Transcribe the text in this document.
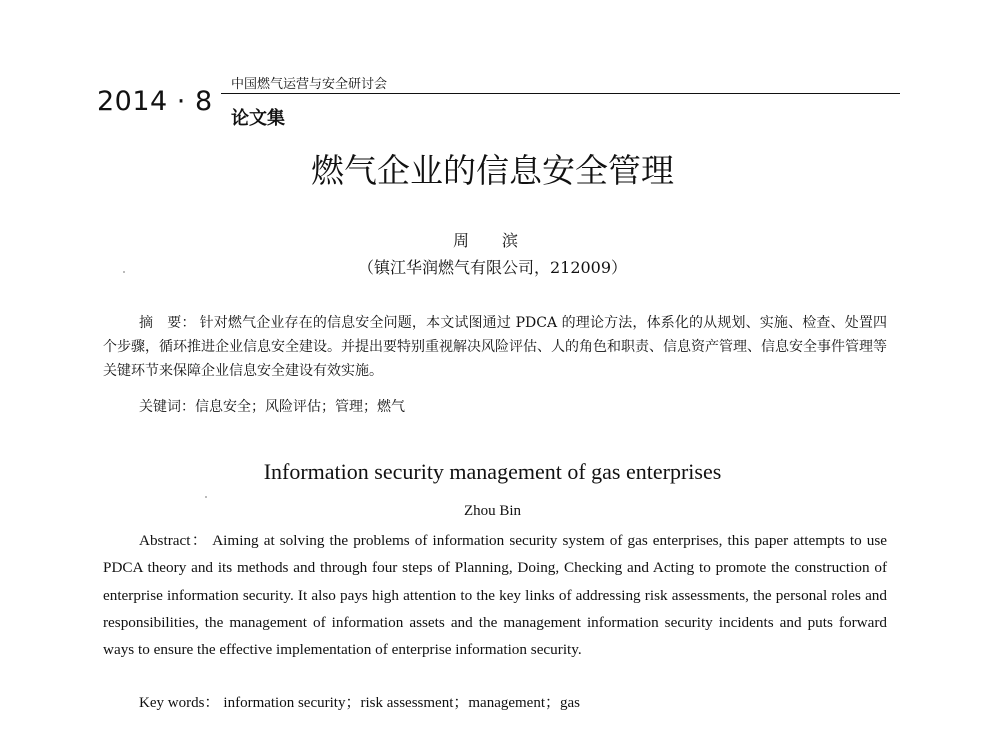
2014 · 8
中国燃气运营与安全研讨会
论文集
燃气企业的信息安全管理
周 滨
（镇江华润燃气有限公司，212009）
摘　要： 针对燃气企业存在的信息安全问题，本文试图通过 PDCA 的理论方法，体系化的从规划、实施、检查、处置四个步骤，循环推进企业信息安全建设。并提出要特别重视解决风险评估、人的角色和职责、信息资产管理、信息安全事件管理等关键环节来保障企业信息安全建设有效实施。
关键词：信息安全；风险评估；管理；燃气
Information security management of gas enterprises
Zhou Bin
Abstract： Aiming at solving the problems of information security system of gas enterprises, this paper attempts to use PDCA theory and its methods and through four steps of Planning, Doing, Checking and Acting to promote the construction of enterprise information security. It also pays high attention to the key links of addressing risk assessments, the personal roles and responsibilities, the management of information assets and the management information security incidents and puts forward ways to ensure the effective implementation of enterprise information security.
Key words： information security；risk assessment；management；gas
